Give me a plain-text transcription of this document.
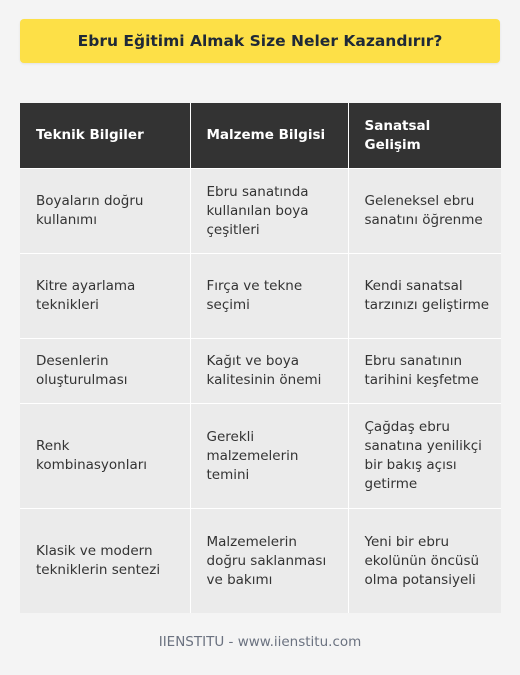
Ebru Eğitimi Almak Size Neler Kazandırır?
Teknik Bilgiler	Malzeme Bilgisi	Sanatsal Gelişim
Boyaların doğru kullanımı	Ebru sanatında kullanılan boya çeşitleri	Geleneksel ebru sanatını öğrenme
Kitre ayarlama teknikleri	Fırça ve tekne seçimi	Kendi sanatsal tarzınızı geliştirme
Desenlerin oluşturulması	Kağıt ve boya kalitesinin önemi	Ebru sanatının tarihini keşfetme
Renk kombinasyonları	Gerekli malzemelerin temini	Çağdaş ebru sanatına yenilikçi bir bakış açısı getirme
Klasik ve modern tekniklerin sentezi	Malzemelerin doğru saklanması ve bakımı	Yeni bir ebru ekolünün öncüsü olma potansiyeli
IIENSTITU - www.iienstitu.com
